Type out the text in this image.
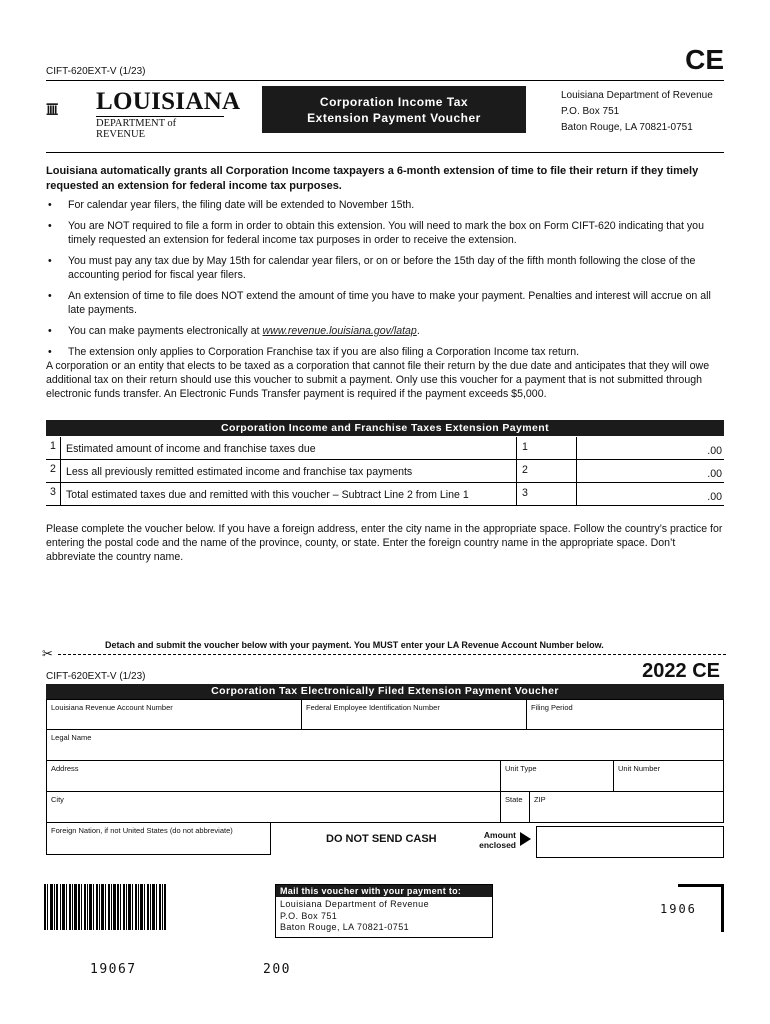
CIFT-620EXT-V (1/23)	CE
LOUISIANA
DEPARTMENT of REVENUE
Corporation Income Tax
Extension Payment Voucher
Louisiana Department of Revenue
P.O. Box 751
Baton Rouge, LA 70821-0751
Louisiana automatically grants all Corporation Income taxpayers a 6-month extension of time to file their return if they timely requested an extension for federal income tax purposes.
• For calendar year filers, the filing date will be extended to November 15th.
• You are NOT required to file a form in order to obtain this extension. You will need to mark the box on Form CIFT-620 indicating that you timely requested an extension for federal income tax purposes in order to receive the extension.
• You must pay any tax due by May 15th for calendar year filers, or on or before the 15th day of the fifth month following the close of the accounting period for fiscal year filers.
• An extension of time to file does NOT extend the amount of time you have to make your payment. Penalties and interest will accrue on all late payments.
• You can make payments electronically at www.revenue.louisiana.gov/latap.
• The extension only applies to Corporation Franchise tax if you are also filing a Corporation Income tax return.
A corporation or an entity that elects to be taxed as a corporation that cannot file their return by the due date and anticipates that they will owe additional tax on their return should use this voucher to submit a payment. Only use this voucher for a payment that is not submitted through electronic funds transfer. An Electronic Funds Transfer payment is required if the payment exceeds $5,000.
Corporation Income and Franchise Taxes Extension Payment
1 Estimated amount of income and franchise taxes due	1	.00
2 Less all previously remitted estimated income and franchise tax payments	2	.00
3 Total estimated taxes due and remitted with this voucher – Subtract Line 2 from Line 1	3	.00
Please complete the voucher below. If you have a foreign address, enter the city name in the appropriate space. Follow the country’s practice for entering the postal code and the name of the province, county, or state. Enter the foreign country name in the appropriate space. Don’t abbreviate the country name.
✂
Detach and submit the voucher below with your payment. You MUST enter your LA Revenue Account Number below.
CIFT-620EXT-V (1/23)	2022 CE
Corporation Tax Electronically Filed Extension Payment Voucher
Louisiana Revenue Account Number	Federal Employee Identification Number	Filing Period
Legal Name
Address	Unit Type	Unit Number
City	State	ZIP
Foreign Nation, if not United States (do not abbreviate)
DO NOT SEND CASH	Amount
enclosed
Mail this voucher with your payment to:
Louisiana Department of Revenue
P.O. Box 751
Baton Rouge, LA 70821-0751
1906
19067	200
